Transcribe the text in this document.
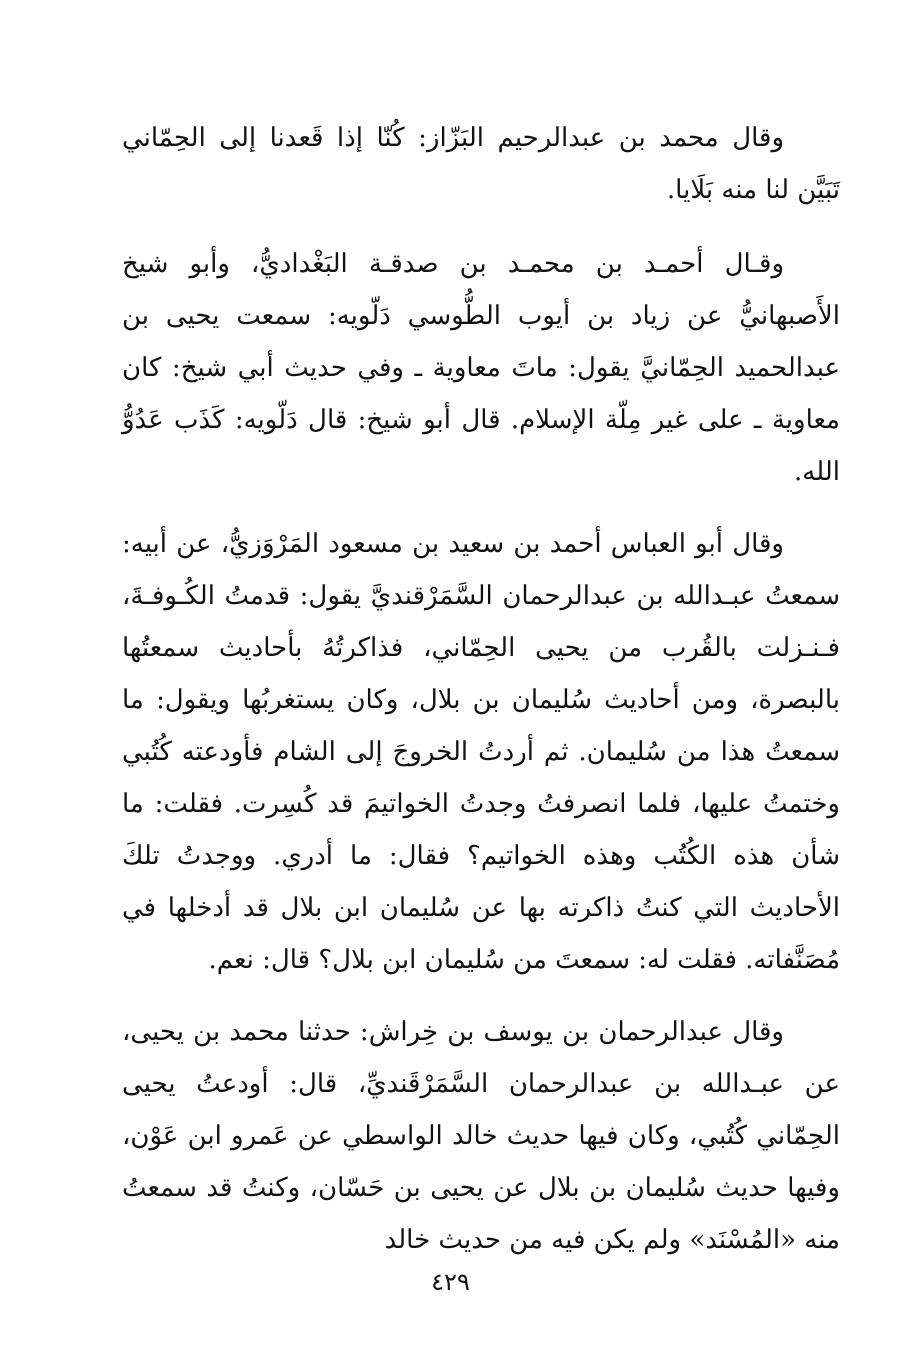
وقال محمد بن عبدالرحيم البَزّاز: كُنّا إذا قَعدنا إلى الحِمّاني تَبَيَّن لنا منه بَلَايا.

وقـال أحمـد بن محمـد بن صدقـة البَغْداديُّ، وأبو شيخ الأَصبهانيُّ عن زياد بن أيوب الطُّوسي دَلّويه: سمعت يحيى بن عبدالحميد الحِمّانيَّ يقول: ماتَ معاوية ـ وفي حديث أبي شيخ: كان معاوية ـ على غير مِلّة الإسلام. قال أبو شيخ: قال دَلّويه: كَذَب عَدُوُّ الله.

وقال أبو العباس أحمد بن سعيد بن مسعود المَرْوَزيُّ، عن أبيه: سمعتُ عبـدالله بن عبدالرحمان السَّمَرْقنديَّ يقول: قدمتُ الكُـوفـةَ، فـنـزلت بالقُرب من يحيى الحِمّاني، فذاكرتُهُ بأحاديث سمعتُها بالبصرة، ومن أحاديث سُليمان بن بلال، وكان يستغربُها ويقول: ما سمعتُ هذا من سُليمان. ثم أردتُ الخروجَ إلى الشام فأودعته كُتُبي وختمتُ عليها، فلما انصرفتُ وجدتُ الخواتيمَ قد كُسِرت. فقلت: ما شأن هذه الكُتُب وهذه الخواتيم؟ فقال: ما أدري. ووجدتُ تلكَ الأحاديث التي كنتُ ذاكرته بها عن سُليمان ابن بلال قد أدخلها في مُصَنَّفاته. فقلت له: سمعتَ من سُليمان ابن بلال؟ قال: نعم.

وقال عبدالرحمان بن يوسف بن خِراش: حدثنا محمد بن يحيى، عن عبـدالله بن عبدالرحمان السَّمَرْقَنديِّ، قال: أودعتُ يحيى الحِمّاني كُتُبي، وكان فيها حديث خالد الواسطي عن عَمرو ابن عَوْن، وفيها حديث سُليمان بن بلال عن يحيى بن حَسّان، وكنتُ قد سمعتُ منه «المُسْنَد» ولم يكن فيه من حديث خالد

٤٢٩
